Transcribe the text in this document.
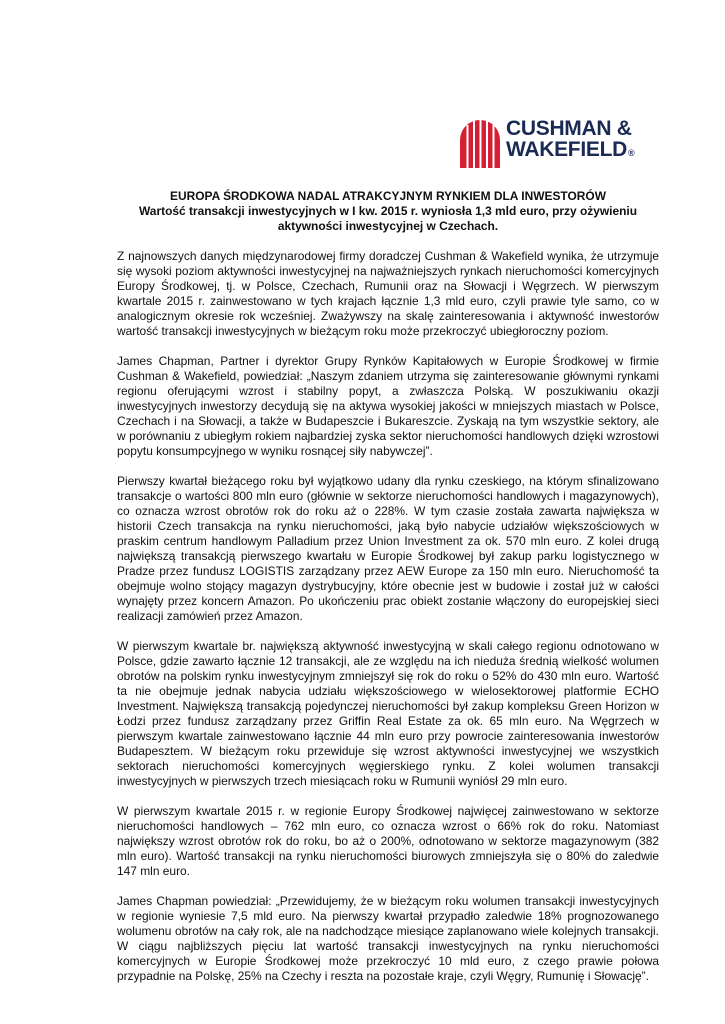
CUSHMAN &
WAKEFIELD®

EUROPA ŚRODKOWA NADAL ATRAKCYJNYM RYNKIEM DLA INWESTORÓW

Wartość transakcji inwestycyjnych w I kw. 2015 r. wyniosła 1,3 mld euro, przy ożywieniu aktywności inwestycyjnej w Czechach.

Z najnowszych danych międzynarodowej firmy doradczej Cushman & Wakefield wynika, że utrzymuje się wysoki poziom aktywności inwestycyjnej na najważniejszych rynkach nieruchomości komercyjnych Europy Środkowej, tj. w Polsce, Czechach, Rumunii oraz na Słowacji i Węgrzech. W pierwszym kwartale 2015 r. zainwestowano w tych krajach łącznie 1,3 mld euro, czyli prawie tyle samo, co w analogicznym okresie rok wcześniej. Zważywszy na skalę zainteresowania i aktywność inwestorów wartość transakcji inwestycyjnych w bieżącym roku może przekroczyć ubiegłoroczny poziom.

James Chapman, Partner i dyrektor Grupy Rynków Kapitałowych w Europie Środkowej w firmie Cushman & Wakefield, powiedział: „Naszym zdaniem utrzyma się zainteresowanie głównymi rynkami regionu oferującymi wzrost i stabilny popyt, a zwłaszcza Polską. W poszukiwaniu okazji inwestycyjnych inwestorzy decydują się na aktywa wysokiej jakości w mniejszych miastach w Polsce, Czechach i na Słowacji, a także w Budapeszcie i Bukareszcie. Zyskają na tym wszystkie sektory, ale w porównaniu z ubiegłym rokiem najbardziej zyska sektor nieruchomości handlowych dzięki wzrostowi popytu konsumpcyjnego w wyniku rosnącej siły nabywczej”.

Pierwszy kwartał bieżącego roku był wyjątkowo udany dla rynku czeskiego, na którym sfinalizowano transakcje o wartości 800 mln euro (głównie w sektorze nieruchomości handlowych i magazynowych), co oznacza wzrost obrotów rok do roku aż o 228%. W tym czasie została zawarta największa w historii Czech transakcja na rynku nieruchomości, jaką było nabycie udziałów większościowych w praskim centrum handlowym Palladium przez Union Investment za ok. 570 mln euro. Z kolei drugą największą transakcją pierwszego kwartału w Europie Środkowej był zakup parku logistycznego w Pradze przez fundusz LOGISTIS zarządzany przez AEW Europe za 150 mln euro. Nieruchomość ta obejmuje wolno stojący magazyn dystrybucyjny, które obecnie jest w budowie i został już w całości wynajęty przez koncern Amazon. Po ukończeniu prac obiekt zostanie włączony do europejskiej sieci realizacji zamówień przez Amazon.

W pierwszym kwartale br. największą aktywność inwestycyjną w skali całego regionu odnotowano w Polsce, gdzie zawarto łącznie 12 transakcji, ale ze względu na ich nieduża średnią wielkość wolumen obrotów na polskim rynku inwestycyjnym zmniejszył się rok do roku o 52% do 430 mln euro. Wartość ta nie obejmuje jednak nabycia udziału większościowego w wielosektorowej platformie ECHO Investment. Największą transakcją pojedynczej nieruchomości był zakup kompleksu Green Horizon w Łodzi przez fundusz zarządzany przez Griffin Real Estate za ok. 65 mln euro. Na Węgrzech w pierwszym kwartale zainwestowano łącznie 44 mln euro przy powrocie zainteresowania inwestorów Budapesztem. W bieżącym roku przewiduje się wzrost aktywności inwestycyjnej we wszystkich sektorach nieruchomości komercyjnych węgierskiego rynku. Z kolei wolumen transakcji inwestycyjnych w pierwszych trzech miesiącach roku w Rumunii wyniósł 29 mln euro.

W pierwszym kwartale 2015 r. w regionie Europy Środkowej najwięcej zainwestowano w sektorze nieruchomości handlowych – 762 mln euro, co oznacza wzrost o 66% rok do roku. Natomiast największy wzrost obrotów rok do roku, bo aż o 200%, odnotowano w sektorze magazynowym (382 mln euro). Wartość transakcji na rynku nieruchomości biurowych zmniejszyła się o 80% do zaledwie 147 mln euro.

James Chapman powiedział: „Przewidujemy, że w bieżącym roku wolumen transakcji inwestycyjnych w regionie wyniesie 7,5 mld euro. Na pierwszy kwartał przypadło zaledwie 18% prognozowanego wolumenu obrotów na cały rok, ale na nadchodzące miesiące zaplanowano wiele kolejnych transakcji. W ciągu najbliższych pięciu lat wartość transakcji inwestycyjnych na rynku nieruchomości komercyjnych w Europie Środkowej może przekroczyć 10 mld euro, z czego prawie połowa przypadnie na Polskę, 25% na Czechy i reszta na pozostałe kraje, czyli Węgry, Rumunię i Słowację”.
